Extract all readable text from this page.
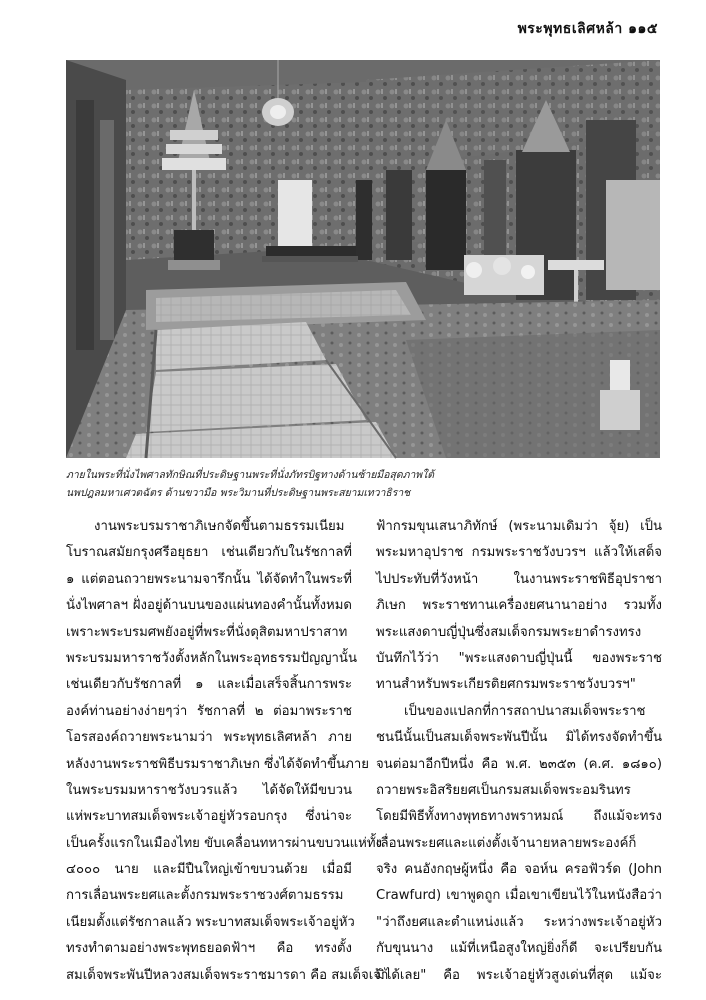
พระพุทธเลิศหล้า ๑๑๕
ภายในพระที่นั่งไพศาลทักษิณที่ประดิษฐานพระที่นั่งภัทรบิฐทางด้านซ้ายมือสุดภาพใต้
นพปฎลมหาเศวตฉัตร ด้านขวามือ พระวิมานที่ประดิษฐานพระสยามเทวาธิราช
งานพระบรมราชาภิเษกจัดขึ้นตามธรรมเนียม
โบราณสมัยกรุงศรีอยุธยา เช่นเดียวกับในรัชกาลที่
๑ แต่ตอนถวายพระนามจารึกนั้น ได้จัดทำในพระที่
นั่งไพศาลฯ ฝั่งอยู่ด้านบนของแผ่นทองคำนั้นทั้งหมด
เพราะพระบรมศพยังอยู่ที่พระที่นั่งดุสิตมหาปราสาท
พระบรมมหาราชวังตั้งหลักในพระอุทธรรมปัญญานั้น
เช่นเดียวกับรัชกาลที่ ๑ และเมื่อเสร็จสิ้นการพระ
องค์ท่านอย่างง่ายๆว่า รัชกาลที่ ๒ ต่อมาพระราช
โอรสองค์ถวายพระนามว่า พระพุทธเลิศหล้า ภาย
หลังงานพระราชพิธีบรมราชาภิเษก ซึ่งได้จัดทำขึ้นภาย
ในพระบรมมหาราชวังบวรแล้ว ได้จัดให้มีขบวน
แห่พระบาทสมเด็จพระเจ้าอยู่หัวรอบกรุง ซึ่งน่าจะ
เป็นครั้งแรกในเมืองไทย ขับเคลื่อนทหารผ่านขบวนแห่ทั้ง
๔๐๐๐ นาย และมีปืนใหญ่เข้าขบวนด้วย เมื่อมี
การเลื่อนพระยศและตั้งกรมพระราชวงศ์ตามธรรม
เนียมตั้งแต่รัชกาลแล้ว พระบาทสมเด็จพระเจ้าอยู่หัว
ทรงทำตามอย่างพระพุทธยอดฟ้าฯ คือ ทรงตั้ง
สมเด็จพระพันปีหลวงสมเด็จพระราชมารดา คือ สมเด็จเจ้า
ฟ้ากรมขุนเสนาภิทักษ์ (พระนามเดิมว่า จุ้ย) เป็น
พระมหาอุปราช กรมพระราชวังบวรฯ แล้วให้เสด็จ
ไปประทับที่วังหน้า ในงานพระราชพิธีอุปราชา
ภิเษก พระราชทานเครื่องยศนานาอย่าง รวมทั้ง
พระแสงดาบญี่ปุ่นซึ่งสมเด็จกรมพระยาดำรงทรง
บันทึกไว้ว่า "พระแสงดาบญี่ปุ่นนี้ ของพระราช
ทานสำหรับพระเกียรติยศกรมพระราชวังบวรฯ"
เป็นของแปลกที่การสถาปนาสมเด็จพระราช
ชนนีนั้นเป็นสมเด็จพระพันปีนั้น มิได้ทรงจัดทำขึ้น
จนต่อมาอีกปีหนึ่ง คือ พ.ศ. ๒๓๕๓ (ค.ศ. ๑๘๑๐)
ถวายพระอิสริยยศเป็นกรมสมเด็จพระอมรินทร
โดยมีพิธีทั้งทางพุทธทางพราหมณ์ ถึงแม้จะทรง
เลื่อนพระยศและแต่งตั้งเจ้านายหลายพระองค์ก็
จริง คนอังกฤษผู้หนึ่ง คือ จอห์น ครอฟัวร์ด (John
Crawfurd) เขาพูดถูก เมื่อเขาเขียนไว้ในหนังสือว่า
"ว่าถึงยศและตำแหน่งแล้ว ระหว่างพระเจ้าอยู่หัว
กับขุนนาง แม้ที่เหนือสูงใหญ่ยิ่งก็ดี จะเปรียบกัน
มิได้เลย" คือ พระเจ้าอยู่หัวสูงเด่นที่สุด แม้จะ
